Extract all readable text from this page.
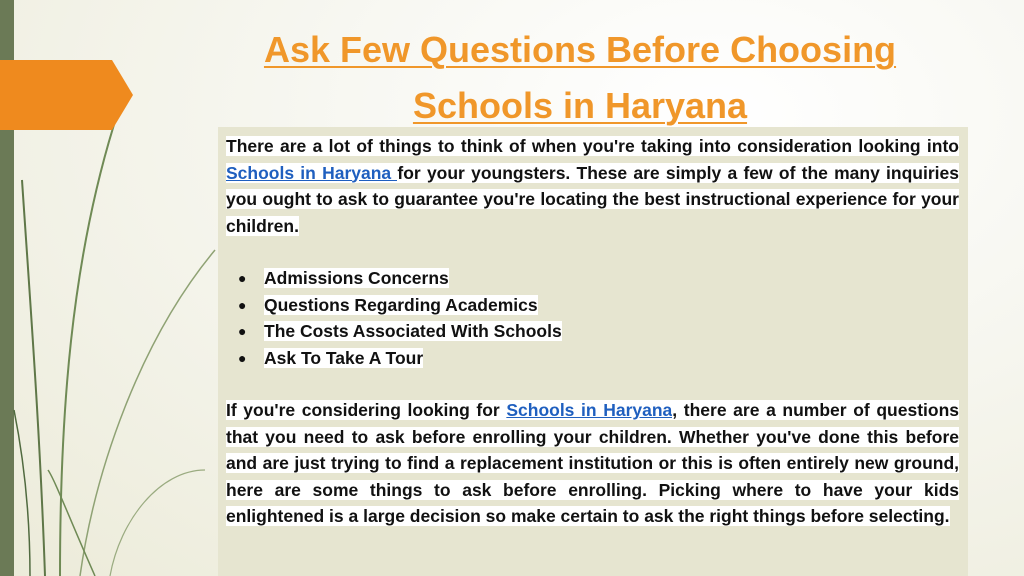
Ask Few Questions Before Choosing
Schools in Haryana

There are a lot of things to think of when you're taking into consideration looking into Schools in Haryana for your youngsters. These are simply a few of the many inquiries you ought to ask to guarantee you're locating the best instructional experience for your children.

● Admissions Concerns
● Questions Regarding Academics
● The Costs Associated With Schools
● Ask To Take A Tour

If you're considering looking for Schools in Haryana, there are a number of questions that you need to ask before enrolling your children. Whether you've done this before and are just trying to find a replacement institution or this is often entirely new ground, here are some things to ask before enrolling. Picking where to have your kids enlightened is a large decision so make certain to ask the right things before selecting.
